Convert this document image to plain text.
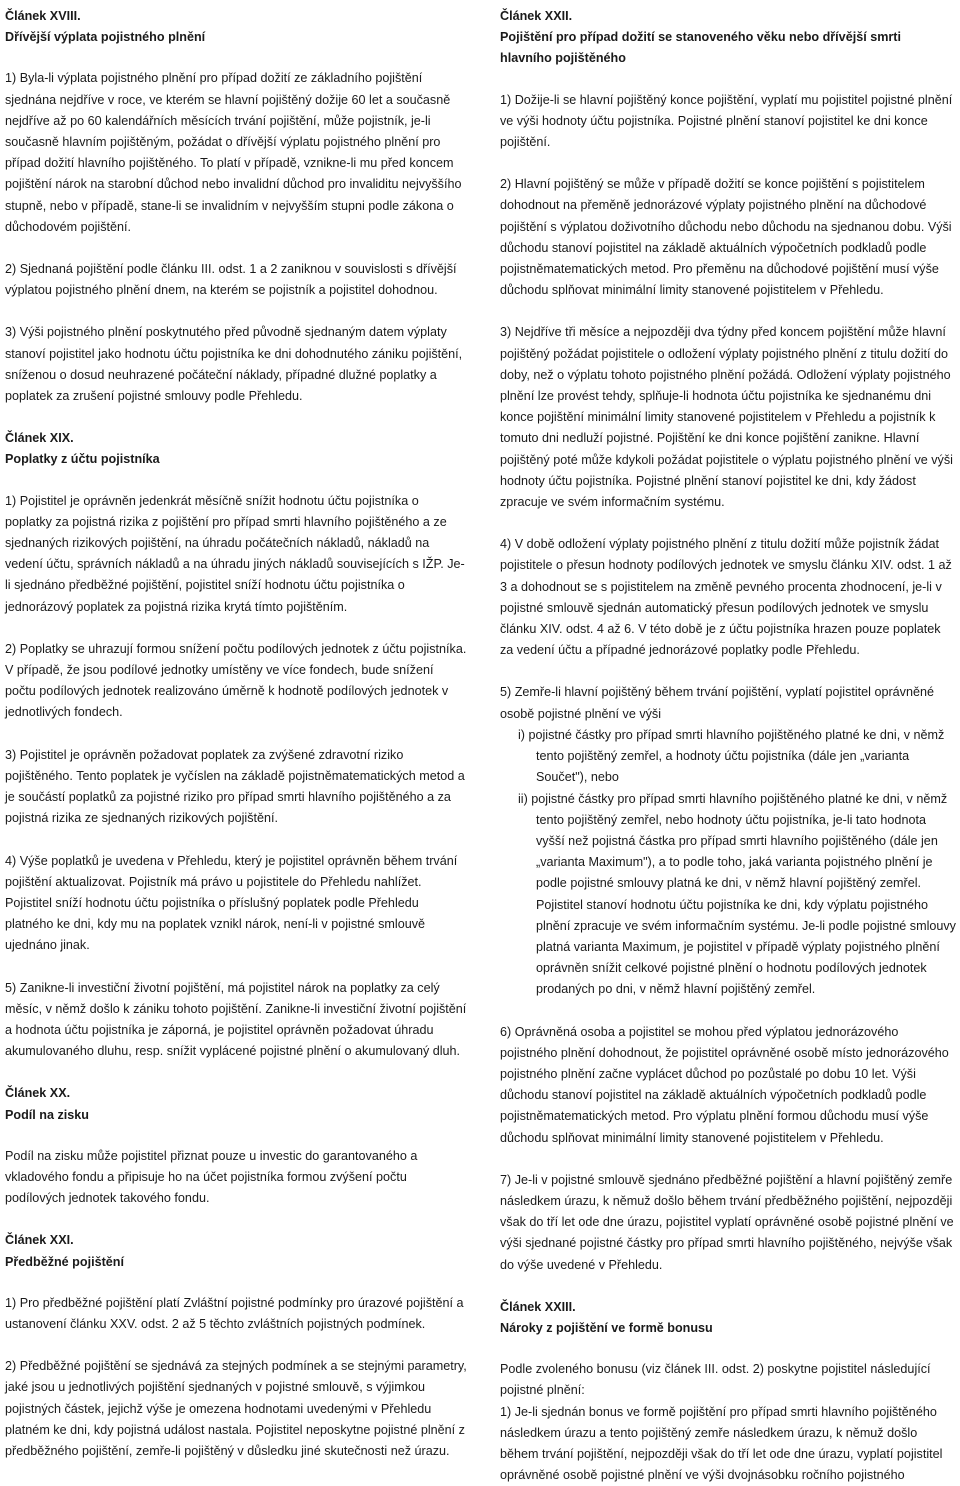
Článek XVIII.

Dřívější výplata pojistného plnění

1) Byla-li výplata pojistného plnění pro případ dožití ze základního pojištění sjednána nejdříve v roce, ve kterém se hlavní pojištěný dožije 60 let a současně nejdříve až po 60 kalendářních měsících trvání pojištění, může pojistník, je-li současně hlavním pojištěným, požádat o dřívější výplatu pojistného plnění pro případ dožití hlavního pojištěného. To platí v případě, vznikne-li mu před koncem pojištění nárok na starobní důchod nebo invalidní důchod pro invaliditu nejvyššího stupně, nebo v případě, stane-li se invalidním v nejvyšším stupni podle zákona o důchodovém pojištění.

2) Sjednaná pojištění podle článku III. odst. 1 a 2 zaniknou v souvislosti s dřívější výplatou pojistného plnění dnem, na kterém se pojistník a pojistitel dohodnou.

3) Výši pojistného plnění poskytnutého před původně sjednaným datem výplaty stanoví pojistitel jako hodnotu účtu pojistníka ke dni dohodnutého zániku pojištění, sníženou o dosud neuhrazené počáteční náklady, případné dlužné poplatky a poplatek za zrušení pojistné smlouvy podle Přehledu.

Článek XIX.

Poplatky z účtu pojistníka

1) Pojistitel je oprávněn jedenkrát měsíčně snížit hodnotu účtu pojistníka o poplatky za pojistná rizika z pojištění pro případ smrti hlavního pojištěného a ze sjednaných rizikových pojištění, na úhradu počátečních nákladů, nákladů na vedení účtu, správních nákladů a na úhradu jiných nákladů souvisejících s IŽP. Je-li sjednáno předběžné pojištění, pojistitel sníží hodnotu účtu pojistníka o jednorázový poplatek za pojistná rizika krytá tímto pojištěním.

2) Poplatky se uhrazují formou snížení počtu podílových jednotek z účtu pojistníka. V případě, že jsou podílové jednotky umístěny ve více fondech, bude snížení počtu podílových jednotek realizováno úměrně k hodnotě podílových jednotek v jednotlivých fondech.

3) Pojistitel je oprávněn požadovat poplatek za zvýšené zdravotní riziko pojištěného. Tento poplatek je vyčíslen na základě pojistněmatematických metod a je součástí poplatků za pojistné riziko pro případ smrti hlavního pojištěného a za pojistná rizika ze sjednaných rizikových pojištění.

4) Výše poplatků je uvedena v Přehledu, který je pojistitel oprávněn během trvání pojištění aktualizovat. Pojistník má právo u pojistitele do Přehledu nahlížet. Pojistitel sníží hodnotu účtu pojistníka o příslušný poplatek podle Přehledu platného ke dni, kdy mu na poplatek vznikl nárok, není-li v pojistné smlouvě ujednáno jinak.

5) Zanikne-li investiční životní pojištění, má pojistitel nárok na poplatky za celý měsíc, v němž došlo k zániku tohoto pojištění. Zanikne-li investiční životní pojištění a hodnota účtu pojistníka je záporná, je pojistitel oprávněn požadovat úhradu akumulovaného dluhu, resp. snížit vyplácené pojistné plnění o akumulovaný dluh.

Článek XX.

Podíl na zisku

Podíl na zisku může pojistitel přiznat pouze u investic do garantovaného a vkladového fondu a připisuje ho na účet pojistníka formou zvýšení počtu podílových jednotek takového fondu.

Článek XXI.

Předběžné pojištění

1) Pro předběžné pojištění platí Zvláštní pojistné podmínky pro úrazové pojištění a ustanovení článku XXV. odst. 2 až 5 těchto zvláštních pojistných podmínek.

2) Předběžné pojištění se sjednává za stejných podmínek a se stejnými parametry, jaké jsou u jednotlivých pojištění sjednaných v pojistné smlouvě, s výjimkou pojistných částek, jejichž výše je omezena hodnotami uvedenými v Přehledu platném ke dni, kdy pojistná událost nastala. Pojistitel neposkytne pojistné plnění z předběžného pojištění, zemře-li pojištěný v důsledku jiné skutečnosti než úrazu.

Článek XXII.

Pojištění pro případ dožití se stanoveného věku nebo dřívější smrti hlavního pojištěného

1) Dožije-li se hlavní pojištěný konce pojištění, vyplatí mu pojistitel pojistné plnění ve výši hodnoty účtu pojistníka. Pojistné plnění stanoví pojistitel ke dni konce pojištění.

2) Hlavní pojištěný se může v případě dožití se konce pojištění s pojistitelem dohodnout na přeměně jednorázové výplaty pojistného plnění na důchodové pojištění s výplatou doživotního důchodu nebo důchodu na sjednanou dobu. Výši důchodu stanoví pojistitel na základě aktuálních výpočetních podkladů podle pojistněmatematických metod. Pro přeměnu na důchodové pojištění musí výše důchodu splňovat minimální limity stanovené pojistitelem v Přehledu.

3) Nejdříve tři měsíce a nejpozději dva týdny před koncem pojištění může hlavní pojištěný požádat pojistitele o odložení výplaty pojistného plnění z titulu dožití do doby, než o výplatu tohoto pojistného plnění požádá. Odložení výplaty pojistného plnění lze provést tehdy, splňuje-li hodnota účtu pojistníka ke sjednanému dni konce pojištění minimální limity stanovené pojistitelem v Přehledu a pojistník k tomuto dni nedluží pojistné. Pojištění ke dni konce pojištění zanikne. Hlavní pojištěný poté může kdykoli požádat pojistitele o výplatu pojistného plnění ve výši hodnoty účtu pojistníka. Pojistné plnění stanoví pojistitel ke dni, kdy žádost zpracuje ve svém informačním systému.

4) V době odložení výplaty pojistného plnění z titulu dožití může pojistník žádat pojistitele o přesun hodnoty podílových jednotek ve smyslu článku XIV. odst. 1 až 3 a dohodnout se s pojistitelem na změně pevného procenta zhodnocení, je-li v pojistné smlouvě sjednán automatický přesun podílových jednotek ve smyslu článku XIV. odst. 4 až 6. V této době je z účtu pojistníka hrazen pouze poplatek za vedení účtu a případné jednorázové poplatky podle Přehledu.

5) Zemře-li hlavní pojištěný během trvání pojištění, vyplatí pojistitel oprávněné osobě pojistné plnění ve výši

i) pojistné částky pro případ smrti hlavního pojištěného platné ke dni, v němž tento pojištěný zemřel, a hodnoty účtu pojistníka (dále jen „varianta Součet"), nebo

ii) pojistné částky pro případ smrti hlavního pojištěného platné ke dni, v němž tento pojištěný zemřel, nebo hodnoty účtu pojistníka, je-li tato hodnota vyšší než pojistná částka pro případ smrti hlavního pojištěného (dále jen „varianta Maximum"), a to podle toho, jaká varianta pojistného plnění je podle pojistné smlouvy platná ke dni, v němž hlavní pojištěný zemřel. Pojistitel stanoví hodnotu účtu pojistníka ke dni, kdy výplatu pojistného plnění zpracuje ve svém informačním systému. Je-li podle pojistné smlouvy platná varianta Maximum, je pojistitel v případě výplaty pojistného plnění oprávněn snížit celkové pojistné plnění o hodnotu podílových jednotek prodaných po dni, v němž hlavní pojištěný zemřel.

6) Oprávněná osoba a pojistitel se mohou před výplatou jednorázového pojistného plnění dohodnout, že pojistitel oprávněné osobě místo jednorázového pojistného plnění začne vyplácet důchod po pozůstalé po dobu 10 let. Výši důchodu stanoví pojistitel na základě aktuálních výpočetních podkladů podle pojistněmatematických metod. Pro výplatu plnění formou důchodu musí výše důchodu splňovat minimální limity stanovené pojistitelem v Přehledu.

7) Je-li v pojistné smlouvě sjednáno předběžné pojištění a hlavní pojištěný zemře následkem úrazu, k němuž došlo během trvání předběžného pojištění, nejpozději však do tří let ode dne úrazu, pojistitel vyplatí oprávněné osobě pojistné plnění ve výši sjednané pojistné částky pro případ smrti hlavního pojištěného, nejvýše však do výše uvedené v Přehledu.

Článek XXIII.

Nároky z pojištění ve formě bonusu

Podle zvoleného bonusu (viz článek III. odst. 2) poskytne pojistitel následující pojistné plnění:

1) Je-li sjednán bonus ve formě pojištění pro případ smrti hlavního pojištěného následkem úrazu a tento pojištěný zemře následkem úrazu, k němuž došlo během trvání pojištění, nejpozději však do tří let ode dne úrazu, vyplatí pojistitel oprávněné osobě pojistné plnění ve výši dvojnásobku ročního pojistného
